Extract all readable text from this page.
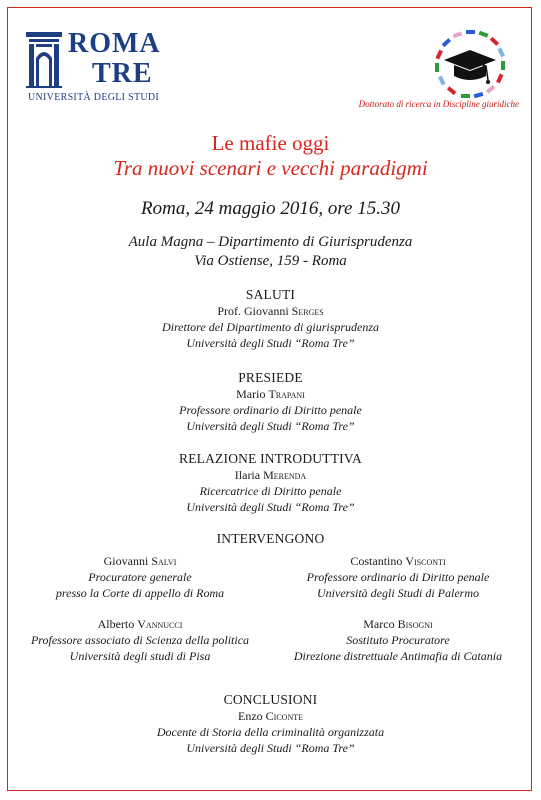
ROMA
TRE
UNIVERSITÀ DEGLI STUDI
Dottorato di ricerca in Discipline giuridiche
Le mafie oggi
Tra nuovi scenari e vecchi paradigmi
Roma, 24 maggio 2016, ore 15.30
Aula Magna – Dipartimento di Giurisprudenza
Via Ostiense, 159 - Roma
SALUTI
Prof. Giovanni Serges
Direttore del Dipartimento di giurisprudenza
Università degli Studi “Roma Tre”
PRESIEDE
Mario Trapani
Professore ordinario di Diritto penale
Università degli Studi “Roma Tre”
RELAZIONE INTRODUTTIVA
Ilaria Merenda
Ricercatrice di Diritto penale
Università degli Studi “Roma Tre”
INTERVENGONO
Giovanni Salvi
Procuratore generale
presso la Corte di appello di Roma
Costantino Visconti
Professore ordinario di Diritto penale
Università degli Studi di Palermo
Alberto Vannucci
Professore associato di Scienza della politica
Università degli studi di Pisa
Marco Bisogni
Sostituto Procuratore
Direzione distrettuale Antimafia di Catania
CONCLUSIONI
Enzo Ciconte
Docente di Storia della criminalità organizzata
Università degli Studi “Roma Tre”
